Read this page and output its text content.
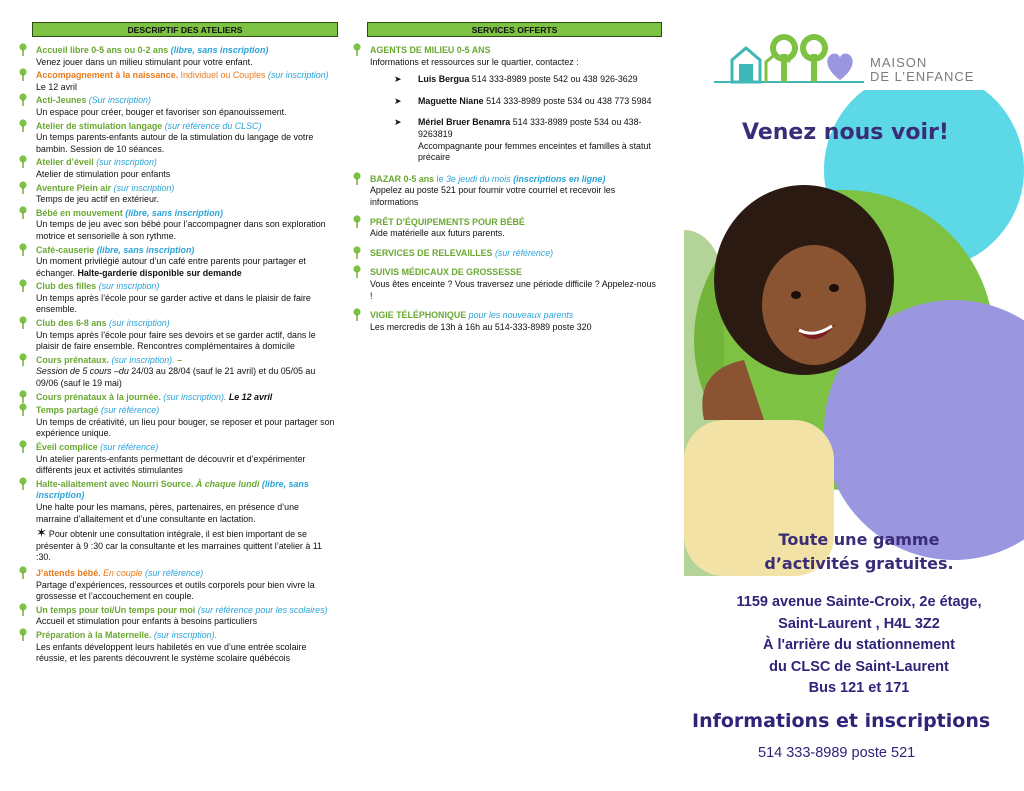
DESCRIPTIF DES ATELIERS
Accueil libre 0-5 ans ou 0-2 ans (libre, sans inscription)
Venez jouer dans un milieu stimulant pour votre enfant.
Accompagnement à la naissance. Individuel ou Couples (sur inscription) Le 12 avril
Acti-Jeunes (Sur inscription)
Un espace pour créer, bouger et favoriser son épanouissement.
Atelier de stimulation langage (sur référence du CLSC)
Un temps parents-enfants autour de la stimulation du langage de votre bambin. Session de 10 séances.
Atelier d’éveil (sur inscription)
Atelier de stimulation pour enfants
Aventure Plein air (sur inscription)
Temps de jeu actif en extérieur.
Bébé en mouvement (libre, sans inscription)
Un temps de jeu avec son bébé pour l’accompagner dans son exploration motrice et sensorielle à son rythme.
Café-causerie (libre, sans inscription)
Un moment privilégié autour d’un café entre parents pour partager et échanger. Halte-garderie disponible sur demande
Club des filles (sur inscription)
Un temps après l’école pour se garder active et dans le plaisir de faire ensemble.
Club des 6-8 ans (sur inscription)
Un temps après l’école pour faire ses devoirs et se garder actif, dans le plaisir de faire ensemble. Rencontres complémentaires à domicile
Cours prénataux. (sur inscription). –
Session de 5 cours –du 24/03 au 28/04 (sauf le 21 avril) et du 05/05 au 09/06 (sauf le 19 mai)
Cours prénataux à la journée. (sur inscription). Le 12 avril
Temps partagé (sur référence)
Un temps de créativité, un lieu pour bouger, se reposer et pour partager son expérience unique.
Éveil complice (sur référence)
Un atelier parents-enfants permettant de découvrir et d’expérimenter différents jeux et activités stimulantes
Halte-allaitement avec Nourri Source. À chaque lundi (libre, sans inscription)
Une halte pour les mamans, pères, partenaires, en présence d’une marraine d’allaitement et d’une consultante en lactation.
✶ Pour obtenir une consultation intégrale, il est bien important de se présenter à 9 :30 car la consultante et les marraines quittent l’atelier à 11 :30.
J’attends bébé. En couple (sur référence)
Partage d’expériences, ressources et outils corporels pour bien vivre la grossesse et l’accouchement en couple.
Un temps pour toi/Un temps pour moi (sur référence pour les scolaires)
Accueil et stimulation pour enfants à besoins particuliers
Préparation à la Maternelle. (sur inscription).
Les enfants développent leurs habiletés en vue d’une entrée scolaire réussie, et les parents découvrent le système scolaire québécois
SERVICES OFFERTS
AGENTS DE MILIEU 0-5 ANS
Informations et ressources sur le quartier, contactez :
➤ Luis Bergua 514 333-8989 poste 542 ou 438 926-3629
➤ Maguette Niane 514 333-8989 poste 534 ou 438 773 5984
➤ Mériel Bruer Benamra 514 333-8989 poste 534 ou 438-9263819
Accompagnante pour femmes enceintes et familles à statut précaire
BAZAR 0-5 ans le 3e jeudi du mois (inscriptions en ligne)
Appelez au poste 521 pour fournir votre courriel et recevoir les informations
PRÊT D’ÉQUIPEMENTS POUR BÉBÉ
Aide matérielle aux futurs parents.
SERVICES DE RELEVAILLES (sur référence)
SUIVIS MÉDICAUX DE GROSSESSE
Vous êtes enceinte ? Vous traversez une période difficile ? Appelez-nous !
VIGIE TÉLÉPHONIQUE pour les nouveaux parents
Les mercredis de 13h à 16h au 514-333-8989 poste 320
MAISON
DE L’ENFANCE
Venez nous voir!
Toute une gamme
d’activités gratuites.
1159 avenue Sainte-Croix, 2e étage,
Saint-Laurent , H4L 3Z2
À l'arrière du stationnement
du CLSC de Saint-Laurent
Bus 121 et 171
Informations et inscriptions
514 333-8989 poste 521
